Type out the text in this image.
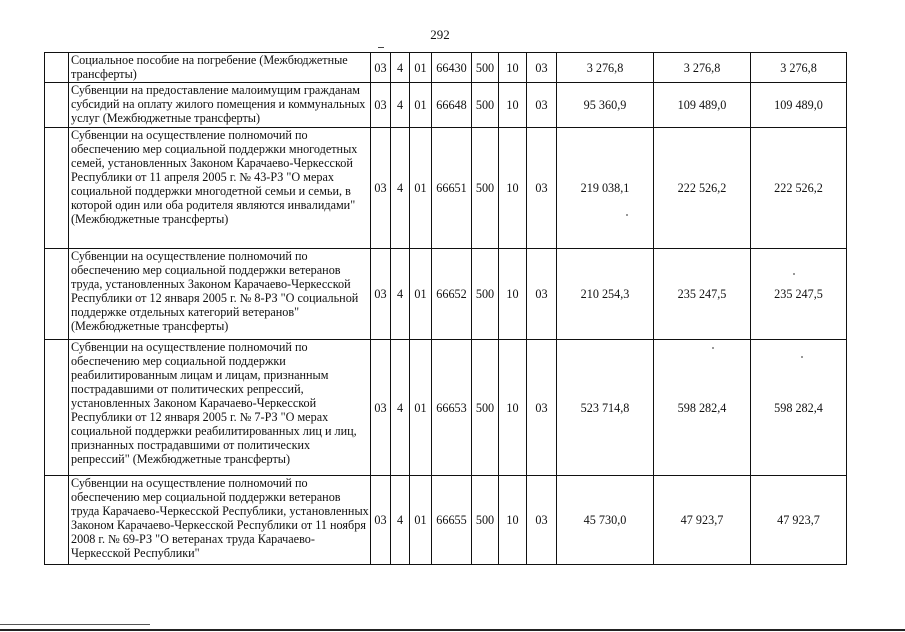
292
	Социальное пособие на погребение (Межбюджетные трансферты)	03	4	01	66430	500	10	03	3 276,8	3 276,8	3 276,8
	Субвенции на предоставление малоимущим гражданам субсидий на оплату жилого помещения и коммунальных услуг (Межбюджетные трансферты)	03	4	01	66648	500	10	03	95 360,9	109 489,0	109 489,0
	Субвенции на осуществление полномочий по обеспечению мер социальной поддержки многодетных семей, установленных Законом Карачаево-Черкесской Республики от 11 апреля 2005 г. № 43-РЗ "О мерах социальной поддержки многодетной семьи и семьи, в которой один или оба родителя являются инвалидами" (Межбюджетные трансферты)	03	4	01	66651	500	10	03	219 038,1	222 526,2	222 526,2
	Субвенции на осуществление полномочий по обеспечению мер социальной поддержки ветеранов труда, установленных Законом Карачаево-Черкесской Республики от 12 января 2005 г. № 8-РЗ "О социальной поддержке отдельных категорий ветеранов" (Межбюджетные трансферты)	03	4	01	66652	500	10	03	210 254,3	235 247,5	235 247,5
	Субвенции на осуществление полномочий по обеспечению мер социальной поддержки реабилитированным лицам и лицам, признанным пострадавшими от политических репрессий, установленных Законом Карачаево-Черкесской Республики от 12 января 2005 г. № 7-РЗ "О мерах социальной поддержки реабилитированных лиц и лиц, признанных пострадавшими от политических репрессий" (Межбюджетные трансферты)	03	4	01	66653	500	10	03	523 714,8	598 282,4	598 282,4
	Субвенции на осуществление полномочий по обеспечению мер социальной поддержки ветеранов труда Карачаево-Черкесской Республики, установленных Законом Карачаево-Черкесской Республики от 11 ноября 2008 г. № 69-РЗ "О ветеранах труда Карачаево-Черкесской Республики"	03	4	01	66655	500	10	03	45 730,0	47 923,7	47 923,7
